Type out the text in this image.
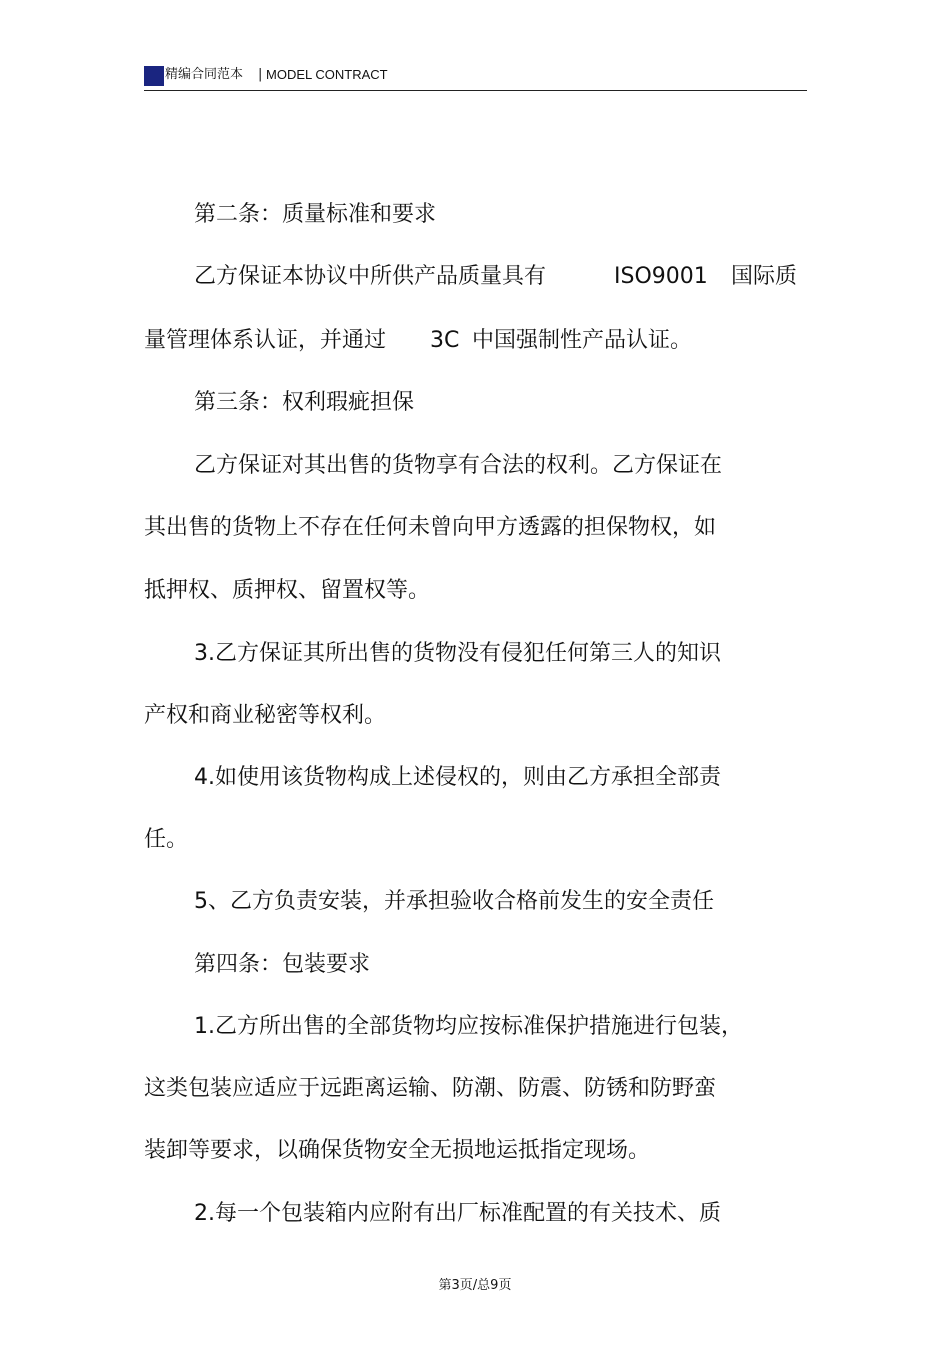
精编合同范本 | MODEL CONTRACT
第二条：质量标准和要求
乙方保证本协议中所供产品质量具有	ISO9001 国际质
量管理体系认证，并通过 3C 中国强制性产品认证。
第三条：权利瑕疵担保
乙方保证对其出售的货物享有合法的权利。乙方保证在
其出售的货物上不存在任何未曾向甲方透露的担保物权，如
抵押权、质押权、留置权等。
3.乙方保证其所出售的货物没有侵犯任何第三人的知识
产权和商业秘密等权利。
4.如使用该货物构成上述侵权的，则由乙方承担全部责
任。
5、乙方负责安装，并承担验收合格前发生的安全责任
第四条：包装要求
1.乙方所出售的全部货物均应按标准保护措施进行包装，
这类包装应适应于远距离运输、防潮、防震、防锈和防野蛮
装卸等要求，以确保货物安全无损地运抵指定现场。
2.每一个包装箱内应附有出厂标准配置的有关技术、质
第3页/总9页
